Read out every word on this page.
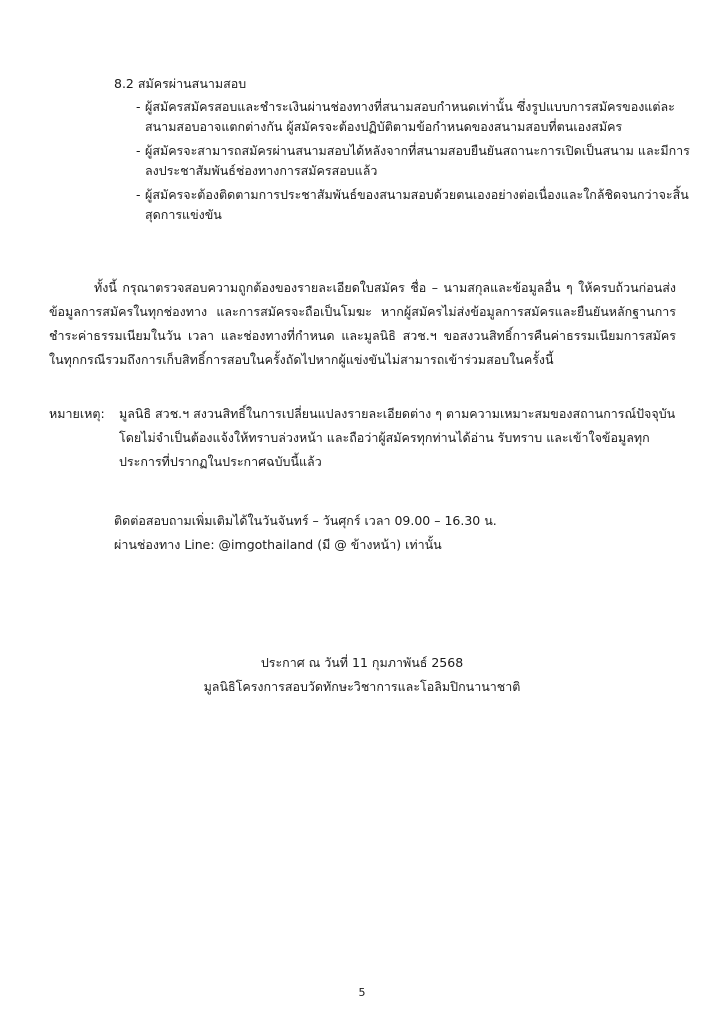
8.2 สมัครผ่านสนามสอบ
- ผู้สมัครสมัครสอบและชำระเงินผ่านช่องทางที่สนามสอบกำหนดเท่านั้น ซึ่งรูปแบบการสมัครของแต่ละสนามสอบอาจแตกต่างกัน ผู้สมัครจะต้องปฏิบัติตามข้อกำหนดของสนามสอบที่ตนเองสมัคร
- ผู้สมัครจะสามารถสมัครผ่านสนามสอบได้หลังจากที่สนามสอบยืนยันสถานะการเปิดเป็นสนาม และมีการลงประชาสัมพันธ์ช่องทางการสมัครสอบแล้ว
- ผู้สมัครจะต้องติดตามการประชาสัมพันธ์ของสนามสอบด้วยตนเองอย่างต่อเนื่องและใกล้ชิดจนกว่าจะสิ้นสุดการแข่งขัน

ทั้งนี้ กรุณาตรวจสอบความถูกต้องของรายละเอียดใบสมัคร ชื่อ – นามสกุลและข้อมูลอื่น ๆ ให้ครบถ้วนก่อนส่งข้อมูลการสมัครในทุกช่องทาง และการสมัครจะถือเป็นโมฆะ หากผู้สมัครไม่ส่งข้อมูลการสมัครและยืนยันหลักฐานการชำระค่าธรรมเนียมในวัน เวลา และช่องทางที่กำหนด และมูลนิธิ สวช.ฯ ขอสงวนสิทธิ์การคืนค่าธรรมเนียมการสมัครในทุกกรณีรวมถึงการเก็บสิทธิ์การสอบในครั้งถัดไปหากผู้แข่งขันไม่สามารถเข้าร่วมสอบในครั้งนี้

หมายเหตุ:	มูลนิธิ สวช.ฯ สงวนสิทธิ์ในการเปลี่ยนแปลงรายละเอียดต่าง ๆ ตามความเหมาะสมของสถานการณ์ปัจจุบัน โดยไม่จำเป็นต้องแจ้งให้ทราบล่วงหน้า และถือว่าผู้สมัครทุกท่านได้อ่าน รับทราบ และเข้าใจข้อมูลทุกประการที่ปรากฏในประกาศฉบับนี้แล้ว
ติดต่อสอบถามเพิ่มเติมได้ในวันจันทร์ – วันศุกร์ เวลา 09.00 – 16.30 น.
ผ่านช่องทาง Line: @imgothailand (มี @ ข้างหน้า) เท่านั้น
ประกาศ ณ วันที่ 11 กุมภาพันธ์ 2568
มูลนิธิโครงการสอบวัดทักษะวิชาการและโอลิมปิกนานาชาติ
5
